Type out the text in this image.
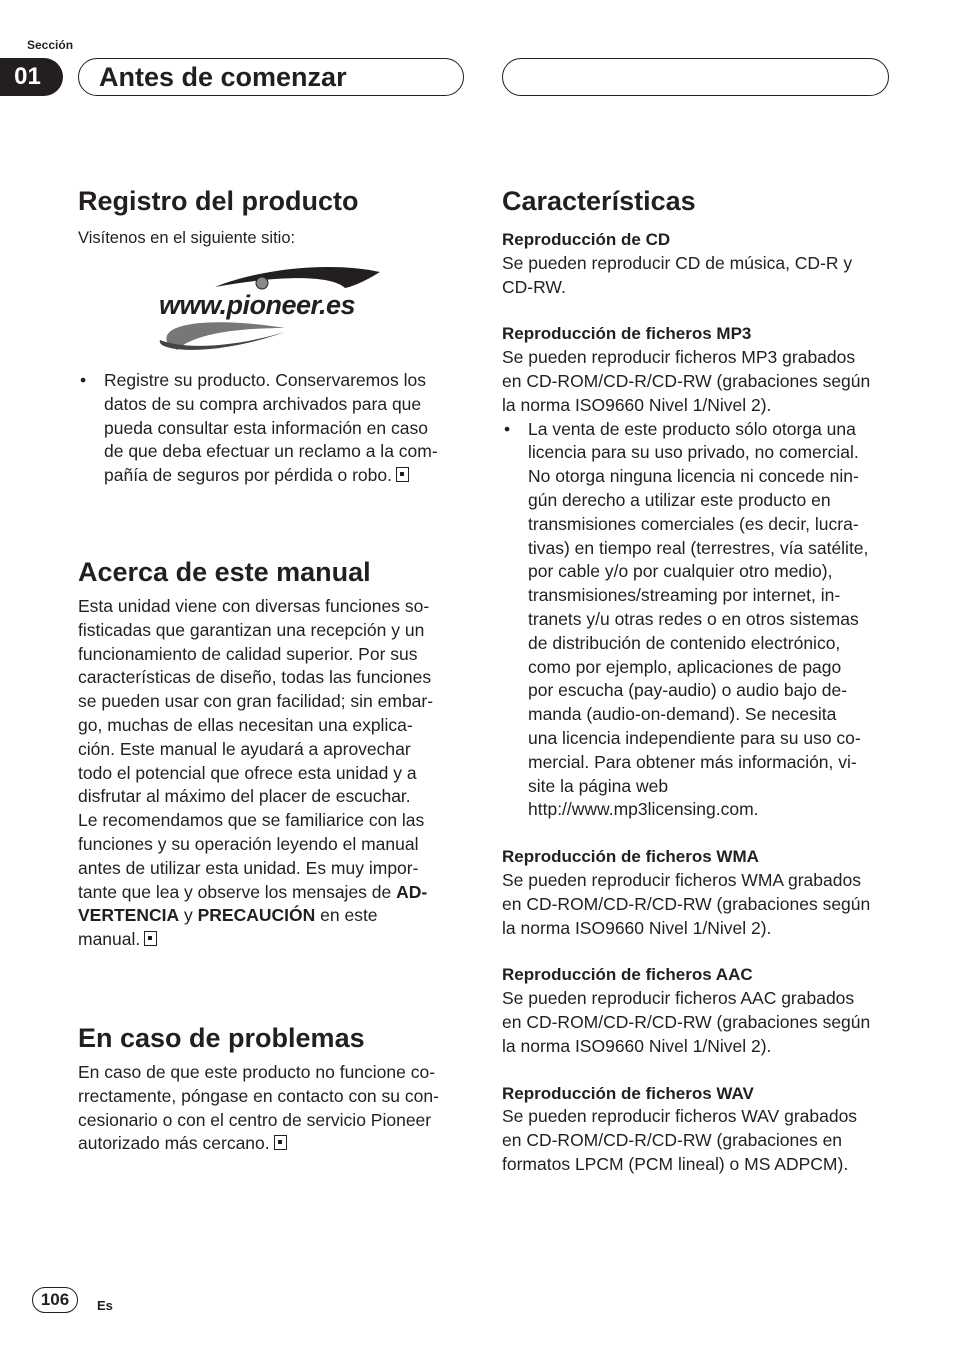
Sección
01	Antes de comenzar
Registro del producto

Visítenos en el siguiente sitio:

www.pioneer.es

• Registre su producto. Conservaremos los

datos de su compra archivados para que

pueda consultar esta información en caso

de que deba efectuar un reclamo a la com-

pañía de seguros por pérdida o robo.

Acerca de este manual

Esta unidad viene con diversas funciones so-

fisticadas que garantizan una recepción y un

funcionamiento de calidad superior. Por sus

características de diseño, todas las funciones

se pueden usar con gran facilidad; sin embar-

go, muchas de ellas necesitan una explica-

ción. Este manual le ayudará a aprovechar

todo el potencial que ofrece esta unidad y a

disfrutar al máximo del placer de escuchar.

Le recomendamos que se familiarice con las

funciones y su operación leyendo el manual

antes de utilizar esta unidad. Es muy impor-

tante que lea y observe los mensajes de AD-

VERTENCIA y PRECAUCIÓN en este

manual.

En caso de problemas

En caso de que este producto no funcione co-

rrectamente, póngase en contacto con su con-

cesionario o con el centro de servicio Pioneer

autorizado más cercano.

Características

Reproducción de CD

Se pueden reproducir CD de música, CD-R y

CD-RW.

Reproducción de ficheros MP3

Se pueden reproducir ficheros MP3 grabados

en CD-ROM/CD-R/CD-RW (grabaciones según

la norma ISO9660 Nivel 1/Nivel 2).

• La venta de este producto sólo otorga una

licencia para su uso privado, no comercial.

No otorga ninguna licencia ni concede nin-

gún derecho a utilizar este producto en

transmisiones comerciales (es decir, lucra-

tivas) en tiempo real (terrestres, vía satélite,

por cable y/o por cualquier otro medio),

transmisiones/streaming por internet, in-

tranets y/u otras redes o en otros sistemas

de distribución de contenido electrónico,

como por ejemplo, aplicaciones de pago

por escucha (pay-audio) o audio bajo de-

manda (audio-on-demand). Se necesita

una licencia independiente para su uso co-

mercial. Para obtener más información, vi-

site la página web

http://www.mp3licensing.com.

Reproducción de ficheros WMA

Se pueden reproducir ficheros WMA grabados

en CD-ROM/CD-R/CD-RW (grabaciones según

la norma ISO9660 Nivel 1/Nivel 2).

Reproducción de ficheros AAC

Se pueden reproducir ficheros AAC grabados

en CD-ROM/CD-R/CD-RW (grabaciones según

la norma ISO9660 Nivel 1/Nivel 2).

Reproducción de ficheros WAV

Se pueden reproducir ficheros WAV grabados

en CD-ROM/CD-R/CD-RW (grabaciones en

formatos LPCM (PCM lineal) o MS ADPCM).

106	Es
